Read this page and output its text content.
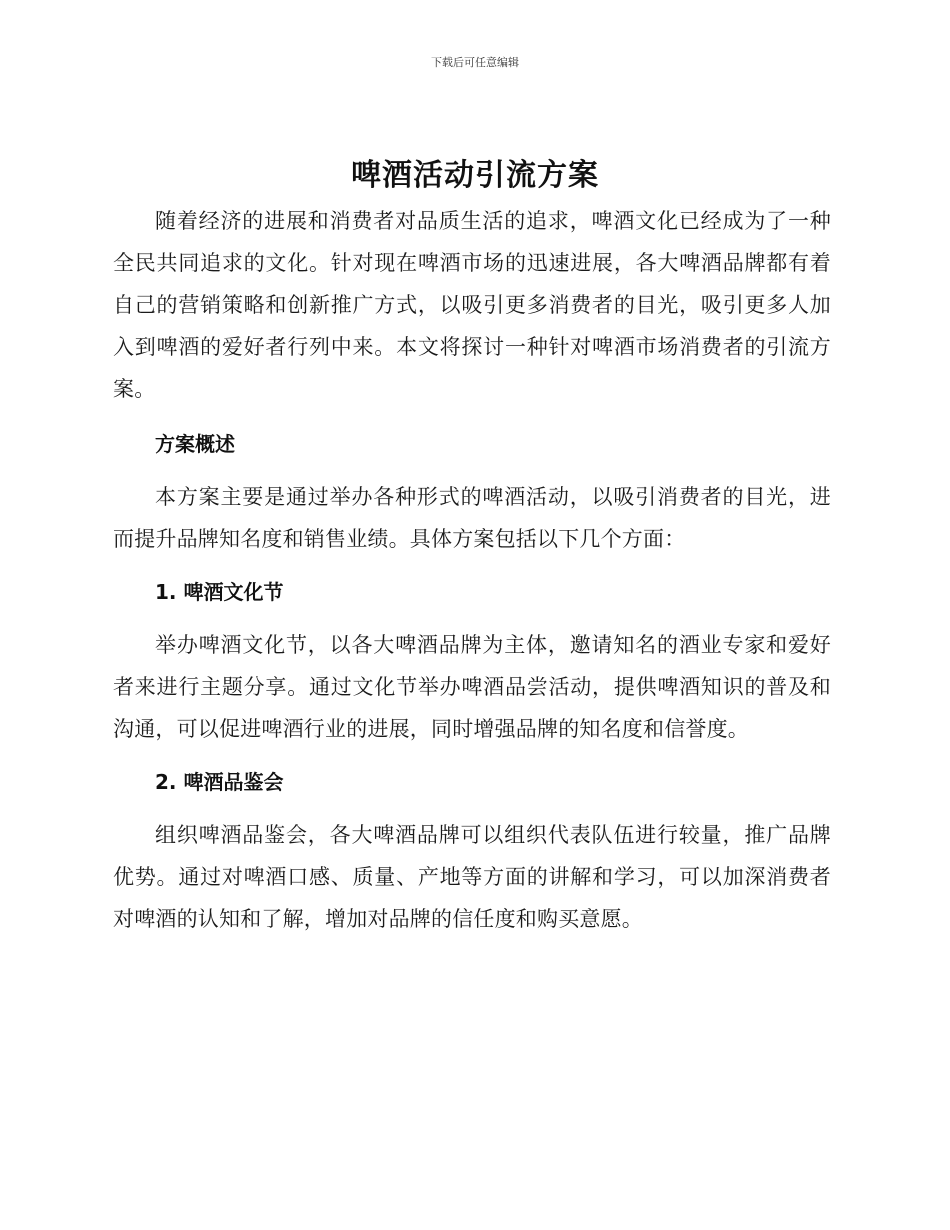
下载后可任意编辑
啤酒活动引流方案

随着经济的进展和消费者对品质生活的追求，啤酒文化已经成为了一种全民共同追求的文化。针对现在啤酒市场的迅速进展，各大啤酒品牌都有着自己的营销策略和创新推广方式，以吸引更多消费者的目光，吸引更多人加入到啤酒的爱好者行列中来。本文将探讨一种针对啤酒市场消费者的引流方案。

方案概述

本方案主要是通过举办各种形式的啤酒活动，以吸引消费者的目光，进而提升品牌知名度和销售业绩。具体方案包括以下几个方面：

1. 啤酒文化节

举办啤酒文化节，以各大啤酒品牌为主体，邀请知名的酒业专家和爱好者来进行主题分享。通过文化节举办啤酒品尝活动，提供啤酒知识的普及和沟通，可以促进啤酒行业的进展，同时增强品牌的知名度和信誉度。

2. 啤酒品鉴会

组织啤酒品鉴会，各大啤酒品牌可以组织代表队伍进行较量，推广品牌优势。通过对啤酒口感、质量、产地等方面的讲解和学习，可以加深消费者对啤酒的认知和了解，增加对品牌的信任度和购买意愿。
